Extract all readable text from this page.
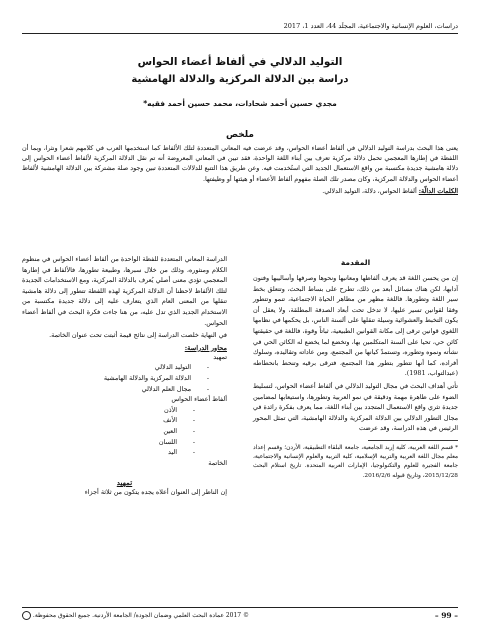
دراسات، العلوم الإنسانية والاجتماعية، المجلّد 44، العدد 1، 2017
التوليد الدلالي في ألفاظ أعضاء الحواس
دراسة بين الدلالة المركزية والدلالة الهامشية
مجدي حسين أحمد شحادات، محمد حسين أحمد فقيه*
ملخص
يعنى هذا البحث بدراسة التوليد الدلالي في ألفاظ أعضاء الحواس، وقد عرضت فيه المعاني المتعددة لتلك الألفاظ كما استخدمها العرب في كلامهم شعرا ونثرا، وبما أن اللفظة في إطارها المعجمي تحمل دلالة مركزية تعرف بين أبناء اللغة الواحدة، فقد تبين في المعاني المعروضة أنه تم نقل الدلالة المركزية لألفاظ أعضاء الحواس إلى دلالة هامشية جديدة مكتسبة من واقع الاستعمال الجديد التي استُخدمت فيه. وعن طريق هذا التتبع للدلالات المتعددة تبين وجود صلة مشتركة بين الدلالة الهامشية لألفاظ أعضاء الحواس والدلالة المركزية، وكان مصدر تلك الصلة مفهوم ألفاظ الأعضاء أو هيئتها أو وظيفتها.
الكلمات الدالّة: ألفاظ الحواس، دلالة، التوليد الدلالي.
المقدمة

إن من يحسن اللغة قد يعرف ألفاظها ومعانيها ونحوها وصرفها وأساليبها وفنون آدابها، لكن هناك مسائل أبعد من ذلك، تطرح على بساط البحث، وتتعلق بخط سير اللغة وتطورها. فاللغة مظهر من مظاهر الحياة الاجتماعية، تنمو وتتطور وفقا لقوانين تسير عليها، لا تدخل تحت أبعاد الصدفة المطلقة، ولا يعقل أن يكون التخبط والعشوائية وسيلة تنقلها على ألسنة الناس، بل يحكمها في نظامها اللغوي قوانين ترقى إلى مكانة القوانين الطبيعية، ثباتاً وقوة، فاللغة في حقيقتها كائن حي، تحيا على ألسنة المتكلمين بها، وتخضع لما يخضع له الكائن الحي في نشأته ونموه وتطوره، وتستمدّ كيانها من المجتمع، ومن عاداته وتقاليده، وسلوك أفراده، كما أنها تتطور بتطور هذا المجتمع، فترقى برقيه وتنحط بانحطاطه (عبدالتواب، 1981).

تأتي أهداف البحث في مجال التوليد الدلالي في ألفاظ أعضاء الحواس، لتسليط الضوء على ظاهرة مهمة ودقيقة في نمو العربية وتطورها، واستيعابها لمضامين جديدة تثري واقع الاستعمال المتجدد بين أبناء اللغة، مما يعرف بفكرة رائدة في مجال التطور الدلالي بين الدلالة المركزية والدلالة الهامشية، التي تمثل المحور الرئيس في هذه الدراسة، وقد عرضت

* قسم اللغة العربية، كلية إربد الجامعية، جامعة البلقاء التطبيقية، الأردن؛ وقسم إعداد معلم مجال اللغة العربية والتربية الإسلامية، كلية التربية والعلوم الإنسانية والاجتماعية، جامعة الفجيرة للعلوم والتكنولوجيا، الإمارات العربية المتحدة. تاريخ استلام البحث 2015/12/28، وتاريخ قبوله 2016/2/6.

الدراسة المعاني المتعددة للفظة الواحدة من ألفاظ أعضاء الحواس في منظوم الكلام ومنثوره، وذلك من خلال سبرها، وطبيعة تطورها، فالألفاظ في إطارها المعجمي تؤدي معنى أصلي يُعرف بالدلالة المركزية، ومع الاستخدامات الجديدة لتلك الألفاظ لاحظنا أن الدلالة المركزية لهذه اللفظة تتطور إلى دلالة هامشية تنقلها من المعنى العام الذي يتعارف عليه إلى دلالة جديدة مكتسبة من الاستخدام الجديد الذي تدل عليه، من هنا جاءت فكرة البحث في ألفاظ أعضاء الحواس.

في النهاية خلصت الدراسة إلى نتائج قيمة أثبتت تحت عنوان الخاتمة.

محاور الدراسة:
تمهيد
-
التوليد الدلالي
-
الدلالة المركزية والدلالة الهامشية
-
مجال العلم الدلالي
ألفاظ أعضاء الحواس
-
الأذن
-
الأنف
-
العين
-
اللسان
-
اليد
الخاتمة
تمهيد

إن الناظر إلى العنوان أعلاه يجده يتكون من ثلاثة أجزاء

– 99 –
© 2017 عمادة البحث العلمي وضمان الجودة/ الجامعة الأردنية. جميع الحقوق محفوظة.
